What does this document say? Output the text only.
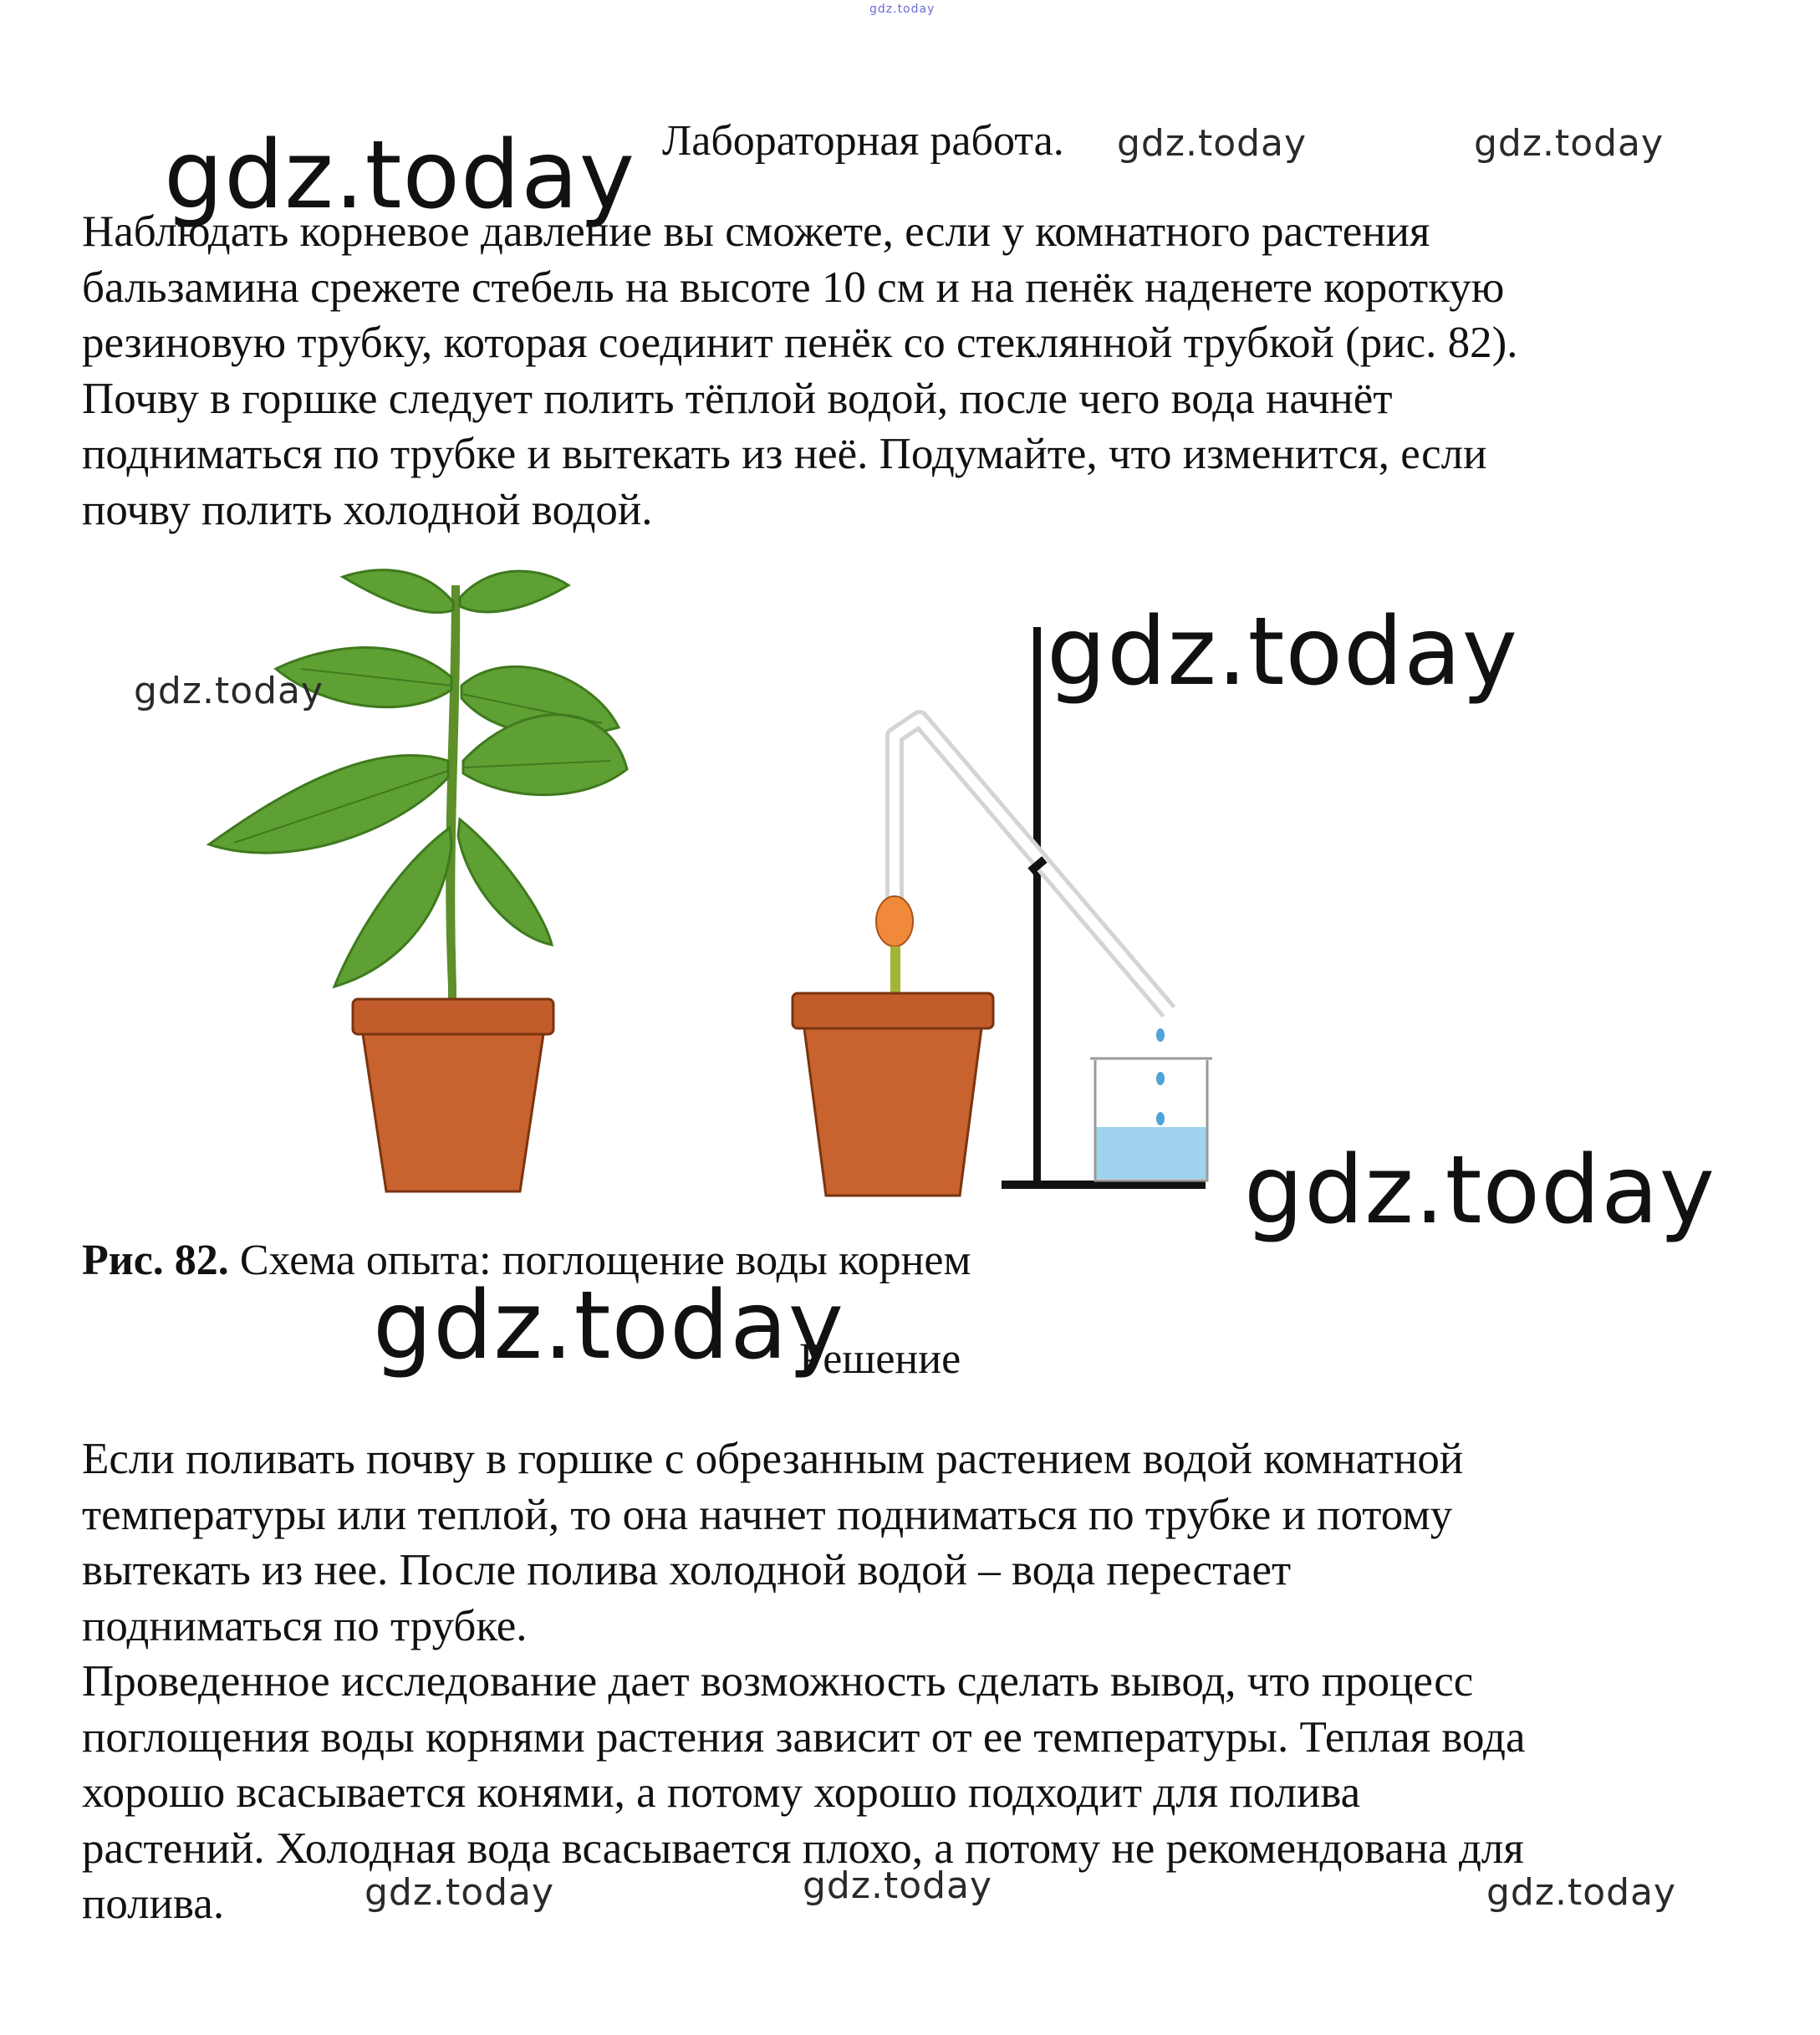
gdz.today
Лабораторная работа. gdz.today	gdz.today
gdz.today
Наблюдать корневое давление вы сможете, если у комнатного растения
бальзамина срежете стебель на высоте 10 см и на пенёк наденете короткую
резиновую трубку, которая соединит пенёк со стеклянной трубкой (рис. 82).
Почву в горшке следует полить тёплой водой, после чего вода начнёт
подниматься по трубке и вытекать из неё. Подумайте, что изменится, если
почву полить холодной водой.
gdz.today	gdz.today
gdz.today
Рис. 82. Схема опыта: поглощение воды корнем
gdz.today
Решение
Если поливать почву в горшке с обрезанным растением водой комнатной
температуры или теплой, то она начнет подниматься по трубке и потому
вытекать из нее. После полива холодной водой – вода перестает
подниматься по трубке.
Проведенное исследование дает возможность сделать вывод, что процесс
поглощения воды корнями растения зависит от ее температуры. Теплая вода
хорошо всасывается конями, а потому хорошо подходит для полива
растений. Холодная вода всасывается плохо, а потому не рекомендована для
полива.	gdz.today	gdz.today	gdz.today
